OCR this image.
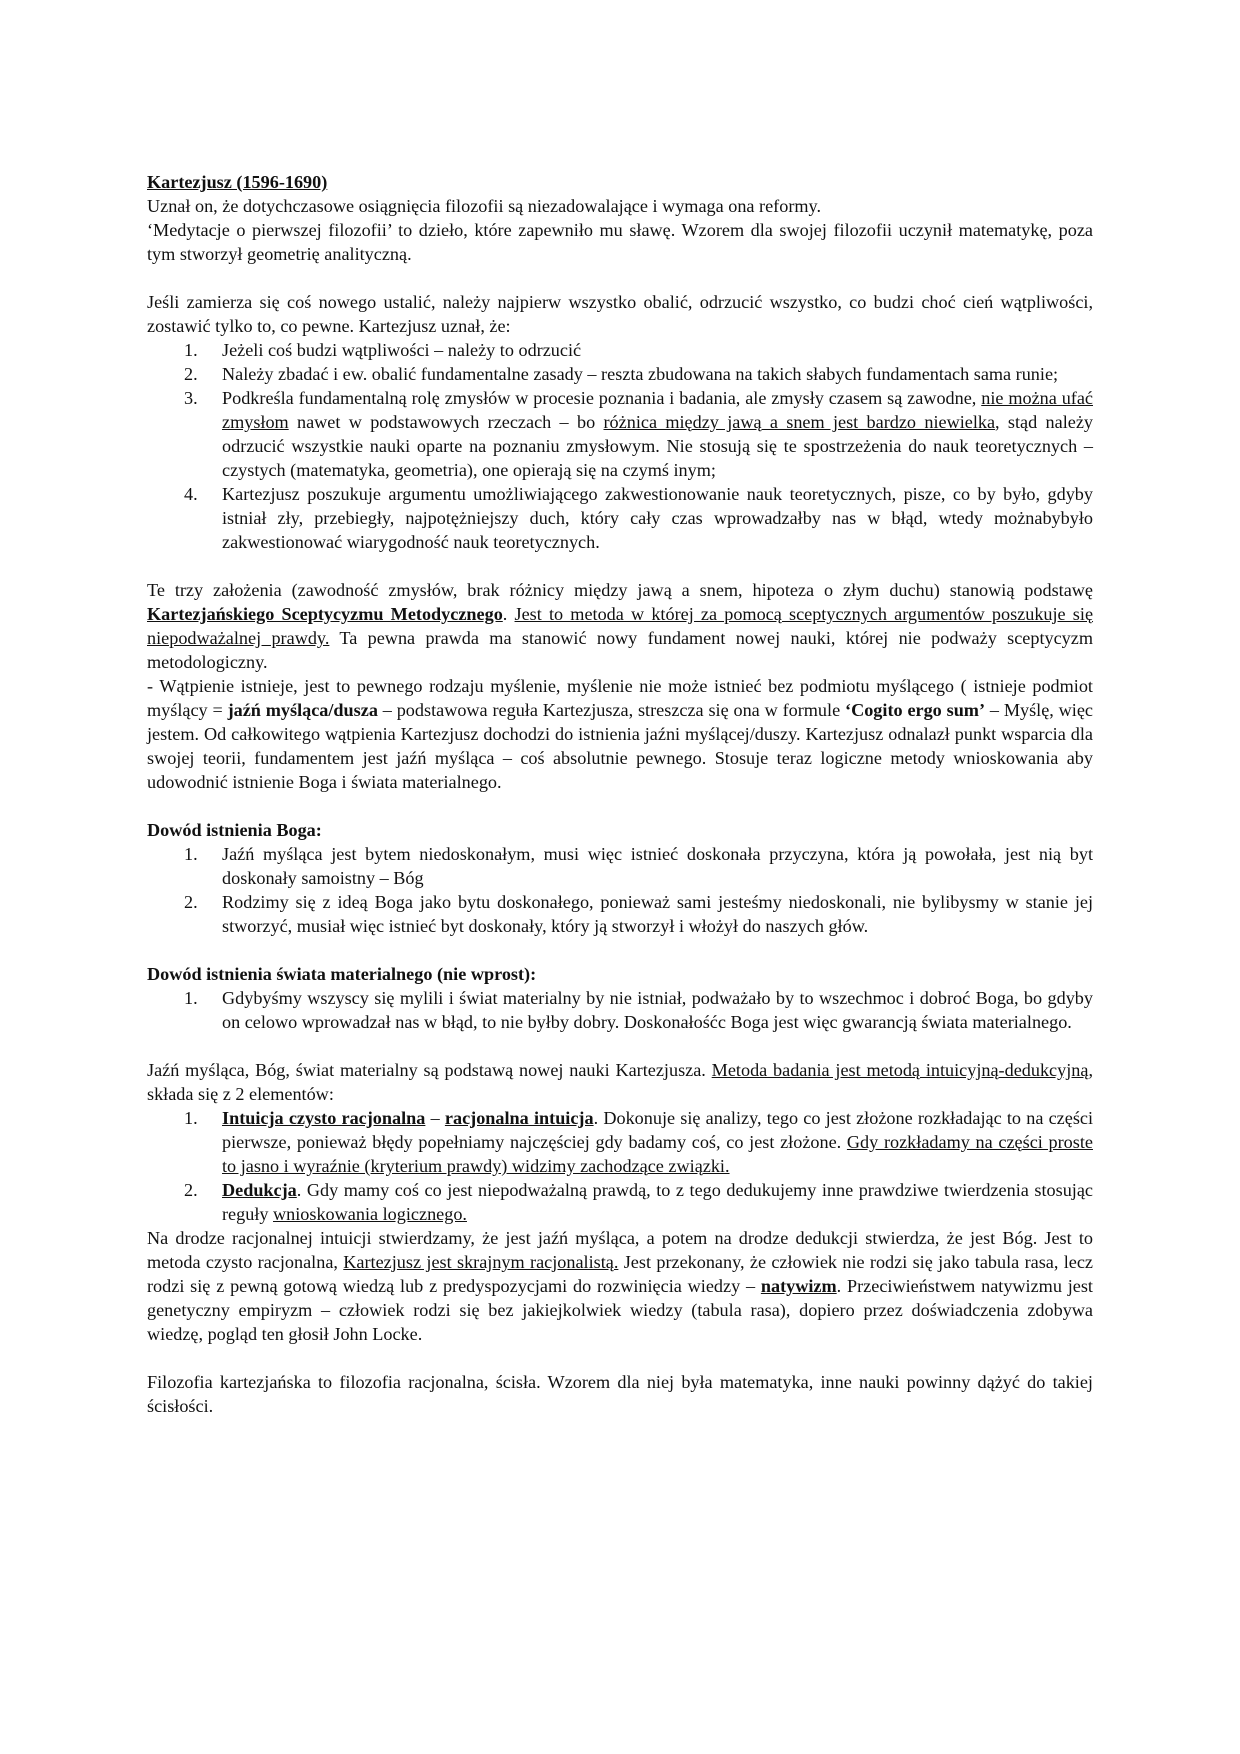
Kartezjusz (1596-1690)

Uznał on, że dotychczasowe osiągnięcia filozofii są niezadowalające i wymaga ona reformy.

‘Medytacje o pierwszej filozofii’ to dzieło, które zapewniło mu sławę. Wzorem dla swojej filozofii uczynił matematykę, poza tym stworzył geometrię analityczną.

Jeśli zamierza się coś nowego ustalić, należy najpierw wszystko obalić, odrzucić wszystko, co budzi choć cień wątpliwości, zostawić tylko to, co pewne. Kartezjusz uznał, że:

1. Jeżeli coś budzi wątpliwości – należy to odrzucić
2. Należy zbadać i ew. obalić fundamentalne zasady – reszta zbudowana na takich słabych fundamentach sama runie;
3. Podkreśla fundamentalną rolę zmysłów w procesie poznania i badania, ale zmysły czasem są zawodne, nie można ufać zmysłom nawet w podstawowych rzeczach – bo różnica między jawą a snem jest bardzo niewielka, stąd należy odrzucić wszystkie nauki oparte na poznaniu zmysłowym. Nie stosują się te spostrzeżenia do nauk teoretycznych – czystych (matematyka, geometria), one opierają się na czymś inym;
4. Kartezjusz poszukuje argumentu umożliwiającego zakwestionowanie nauk teoretycznych, pisze, co by było, gdyby istniał zły, przebiegły, najpotężniejszy duch, który cały czas wprowadzałby nas w błąd, wtedy możnabybyło zakwestionować wiarygodność nauk teoretycznych.

Te trzy założenia (zawodność zmysłów, brak różnicy między jawą a snem, hipoteza o złym duchu) stanowią podstawę Kartezjańskiego Sceptycyzmu Metodycznego. Jest to metoda w której za pomocą sceptycznych argumentów poszukuje się niepodważalnej prawdy. Ta pewna prawda ma stanowić nowy fundament nowej nauki, której nie podważy sceptycyzm metodologiczny.

- Wątpienie istnieje, jest to pewnego rodzaju myślenie, myślenie nie może istnieć bez podmiotu myślącego ( istnieje podmiot myślący = jaźń myśląca/dusza – podstawowa reguła Kartezjusza, streszcza się ona w formule ‘Cogito ergo sum’ – Myślę, więc jestem. Od całkowitego wątpienia Kartezjusz dochodzi do istnienia jaźni myślącej/duszy. Kartezjusz odnalazł punkt wsparcia dla swojej teorii, fundamentem jest jaźń myśląca – coś absolutnie pewnego. Stosuje teraz logiczne metody wnioskowania aby udowodnić istnienie Boga i świata materialnego.

Dowód istnienia Boga:

1. Jaźń myśląca jest bytem niedoskonałym, musi więc istnieć doskonała przyczyna, która ją powołała, jest nią byt doskonały samoistny – Bóg
2. Rodzimy się z ideą Boga jako bytu doskonałego, ponieważ sami jesteśmy niedoskonali, nie bylibysmy w stanie jej stworzyć, musiał więc istnieć byt doskonały, który ją stworzył i włożył do naszych głów.

Dowód istnienia świata materialnego (nie wprost):

1. Gdybyśmy wszyscy się mylili i świat materialny by nie istniał, podważało by to wszechmoc i dobroć Boga, bo gdyby on celowo wprowadzał nas w błąd, to nie byłby dobry. Doskonałośćc Boga jest więc gwarancją świata materialnego.

Jaźń myśląca, Bóg, świat materialny są podstawą nowej nauki Kartezjusza. Metoda badania jest metodą intuicyjną-dedukcyjną, składa się z 2 elementów:

1. Intuicja czysto racjonalna – racjonalna intuicja. Dokonuje się analizy, tego co jest złożone rozkładając to na części pierwsze, ponieważ błędy popełniamy najczęściej gdy badamy coś, co jest złożone. Gdy rozkładamy na części proste to jasno i wyraźnie (kryterium prawdy) widzimy zachodzące związki.
2. Dedukcja. Gdy mamy coś co jest niepodważalną prawdą, to z tego dedukujemy inne prawdziwe twierdzenia stosując reguły wnioskowania logicznego.

Na drodze racjonalnej intuicji stwierdzamy, że jest jaźń myśląca, a potem na drodze dedukcji stwierdza, że jest Bóg. Jest to metoda czysto racjonalna, Kartezjusz jest skrajnym racjonalistą. Jest przekonany, że człowiek nie rodzi się jako tabula rasa, lecz rodzi się z pewną gotową wiedzą lub z predyspozycjami do rozwinięcia wiedzy – natywizm. Przeciwieństwem natywizmu jest genetyczny empiryzm – człowiek rodzi się bez jakiejkolwiek wiedzy (tabula rasa), dopiero przez doświadczenia zdobywa wiedzę, pogląd ten głosił John Locke.

Filozofia kartezjańska to filozofia racjonalna, ścisła. Wzorem dla niej była matematyka, inne nauki powinny dążyć do takiej ścisłości.
